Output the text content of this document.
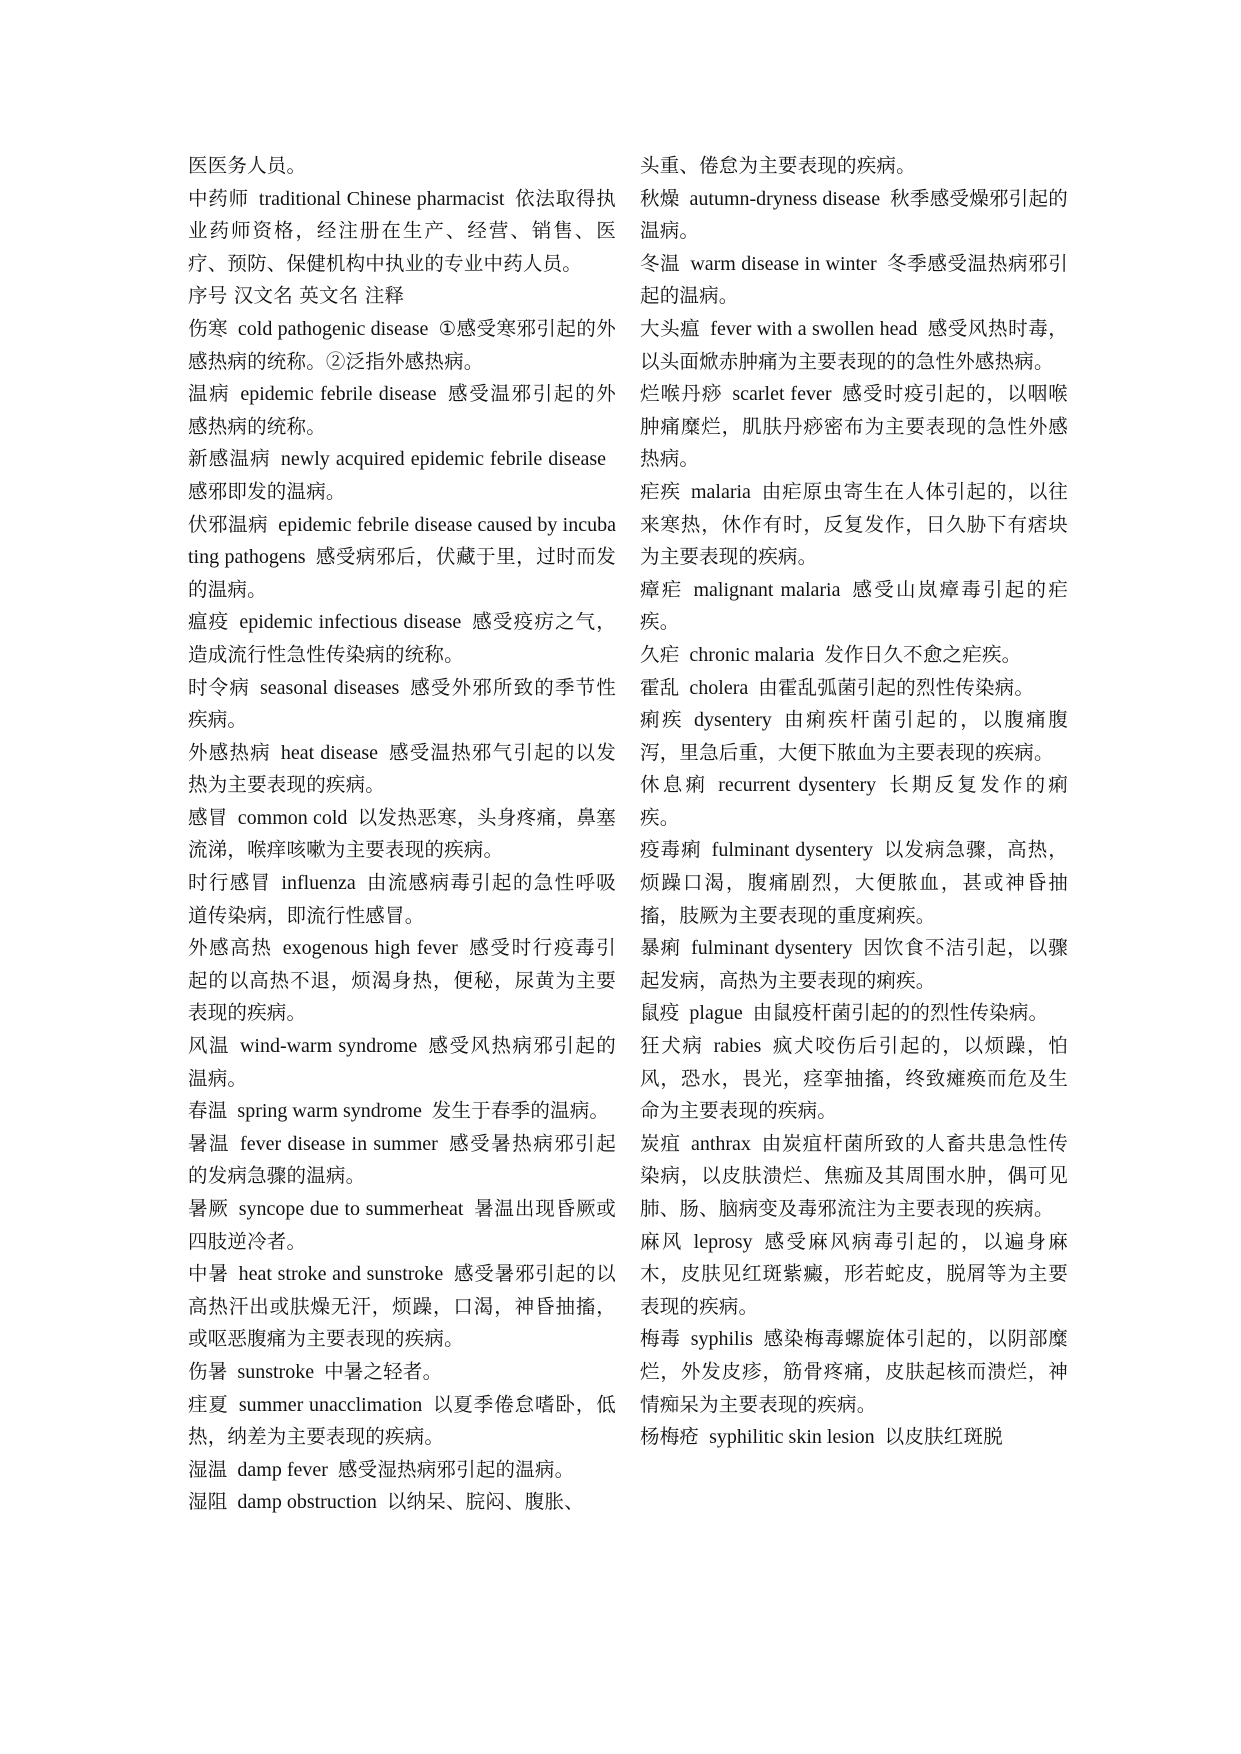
医医务人员。

中药师 traditional Chinese pharmacist 依法取得执业药师资格，经注册在生产、经营、销售、医疗、预防、保健机构中执业的专业中药人员。

序号 汉文名 英文名 注释

伤寒 cold pathogenic disease ①感受寒邪引起的外感热病的统称。②泛指外感热病。

温病 epidemic febrile disease 感受温邪引起的外感热病的统称。

新感温病 newly acquired epidemic febrile disease感邪即发的温病。

伏邪温病 epidemic febrile disease caused by incubating pathogens 感受病邪后，伏藏于里，过时而发的温病。

瘟疫 epidemic infectious disease 感受疫疠之气，造成流行性急性传染病的统称。

时令病 seasonal diseases 感受外邪所致的季节性疾病。

外感热病 heat disease 感受温热邪气引起的以发热为主要表现的疾病。

感冒 common cold 以发热恶寒，头身疼痛，鼻塞流涕，喉痒咳嗽为主要表现的疾病。

时行感冒 influenza 由流感病毒引起的急性呼吸道传染病，即流行性感冒。

外感高热 exogenous high fever 感受时行疫毒引起的以高热不退，烦渴身热，便秘，尿黄为主要表现的疾病。

风温 wind-warm syndrome 感受风热病邪引起的温病。

春温 spring warm syndrome 发生于春季的温病。

暑温 fever disease in summer 感受暑热病邪引起的发病急骤的温病。

暑厥 syncope due to summerheat 暑温出现昏厥或四肢逆冷者。

中暑 heat stroke and sunstroke 感受暑邪引起的以高热汗出或肤燥无汗，烦躁，口渴，神昏抽搐，或呕恶腹痛为主要表现的疾病。

伤暑 sunstroke 中暑之轻者。

疰夏 summer unacclimation 以夏季倦怠嗜卧，低热，纳差为主要表现的疾病。

湿温 damp fever 感受湿热病邪引起的温病。

湿阻 damp obstruction 以纳呆、脘闷、腹胀、

头重、倦怠为主要表现的疾病。

秋燥 autumn-dryness disease 秋季感受燥邪引起的温病。

冬温 warm disease in winter 冬季感受温热病邪引起的温病。

大头瘟 fever with a swollen head 感受风热时毒，以头面焮赤肿痛为主要表现的的急性外感热病。

烂喉丹痧 scarlet fever 感受时疫引起的，以咽喉肿痛糜烂，肌肤丹痧密布为主要表现的急性外感热病。

疟疾 malaria 由疟原虫寄生在人体引起的，以往来寒热，休作有时，反复发作，日久胁下有痞块为主要表现的疾病。

瘴疟 malignant malaria 感受山岚瘴毒引起的疟疾。

久疟 chronic malaria 发作日久不愈之疟疾。

霍乱 cholera 由霍乱弧菌引起的烈性传染病。

痢疾 dysentery 由痢疾杆菌引起的，以腹痛腹泻，里急后重，大便下脓血为主要表现的疾病。

休息痢 recurrent dysentery 长期反复发作的痢疾。

疫毒痢 fulminant dysentery 以发病急骤，高热，烦躁口渴，腹痛剧烈，大便脓血，甚或神昏抽搐，肢厥为主要表现的重度痢疾。

暴痢 fulminant dysentery 因饮食不洁引起，以骤起发病，高热为主要表现的痢疾。

鼠疫 plague 由鼠疫杆菌引起的的烈性传染病。

狂犬病 rabies 疯犬咬伤后引起的，以烦躁，怕风，恐水，畏光，痉挛抽搐，终致瘫痪而危及生命为主要表现的疾病。

炭疽 anthrax 由炭疽杆菌所致的人畜共患急性传染病，以皮肤溃烂、焦痂及其周围水肿，偶可见肺、肠、脑病变及毒邪流注为主要表现的疾病。

麻风 leprosy 感受麻风病毒引起的，以遍身麻木，皮肤见红斑紫癜，形若蛇皮，脱屑等为主要表现的疾病。

梅毒 syphilis 感染梅毒螺旋体引起的，以阴部糜烂，外发皮疹，筋骨疼痛，皮肤起核而溃烂，神情痴呆为主要表现的疾病。

杨梅疮 syphilitic skin lesion 以皮肤红斑脱
